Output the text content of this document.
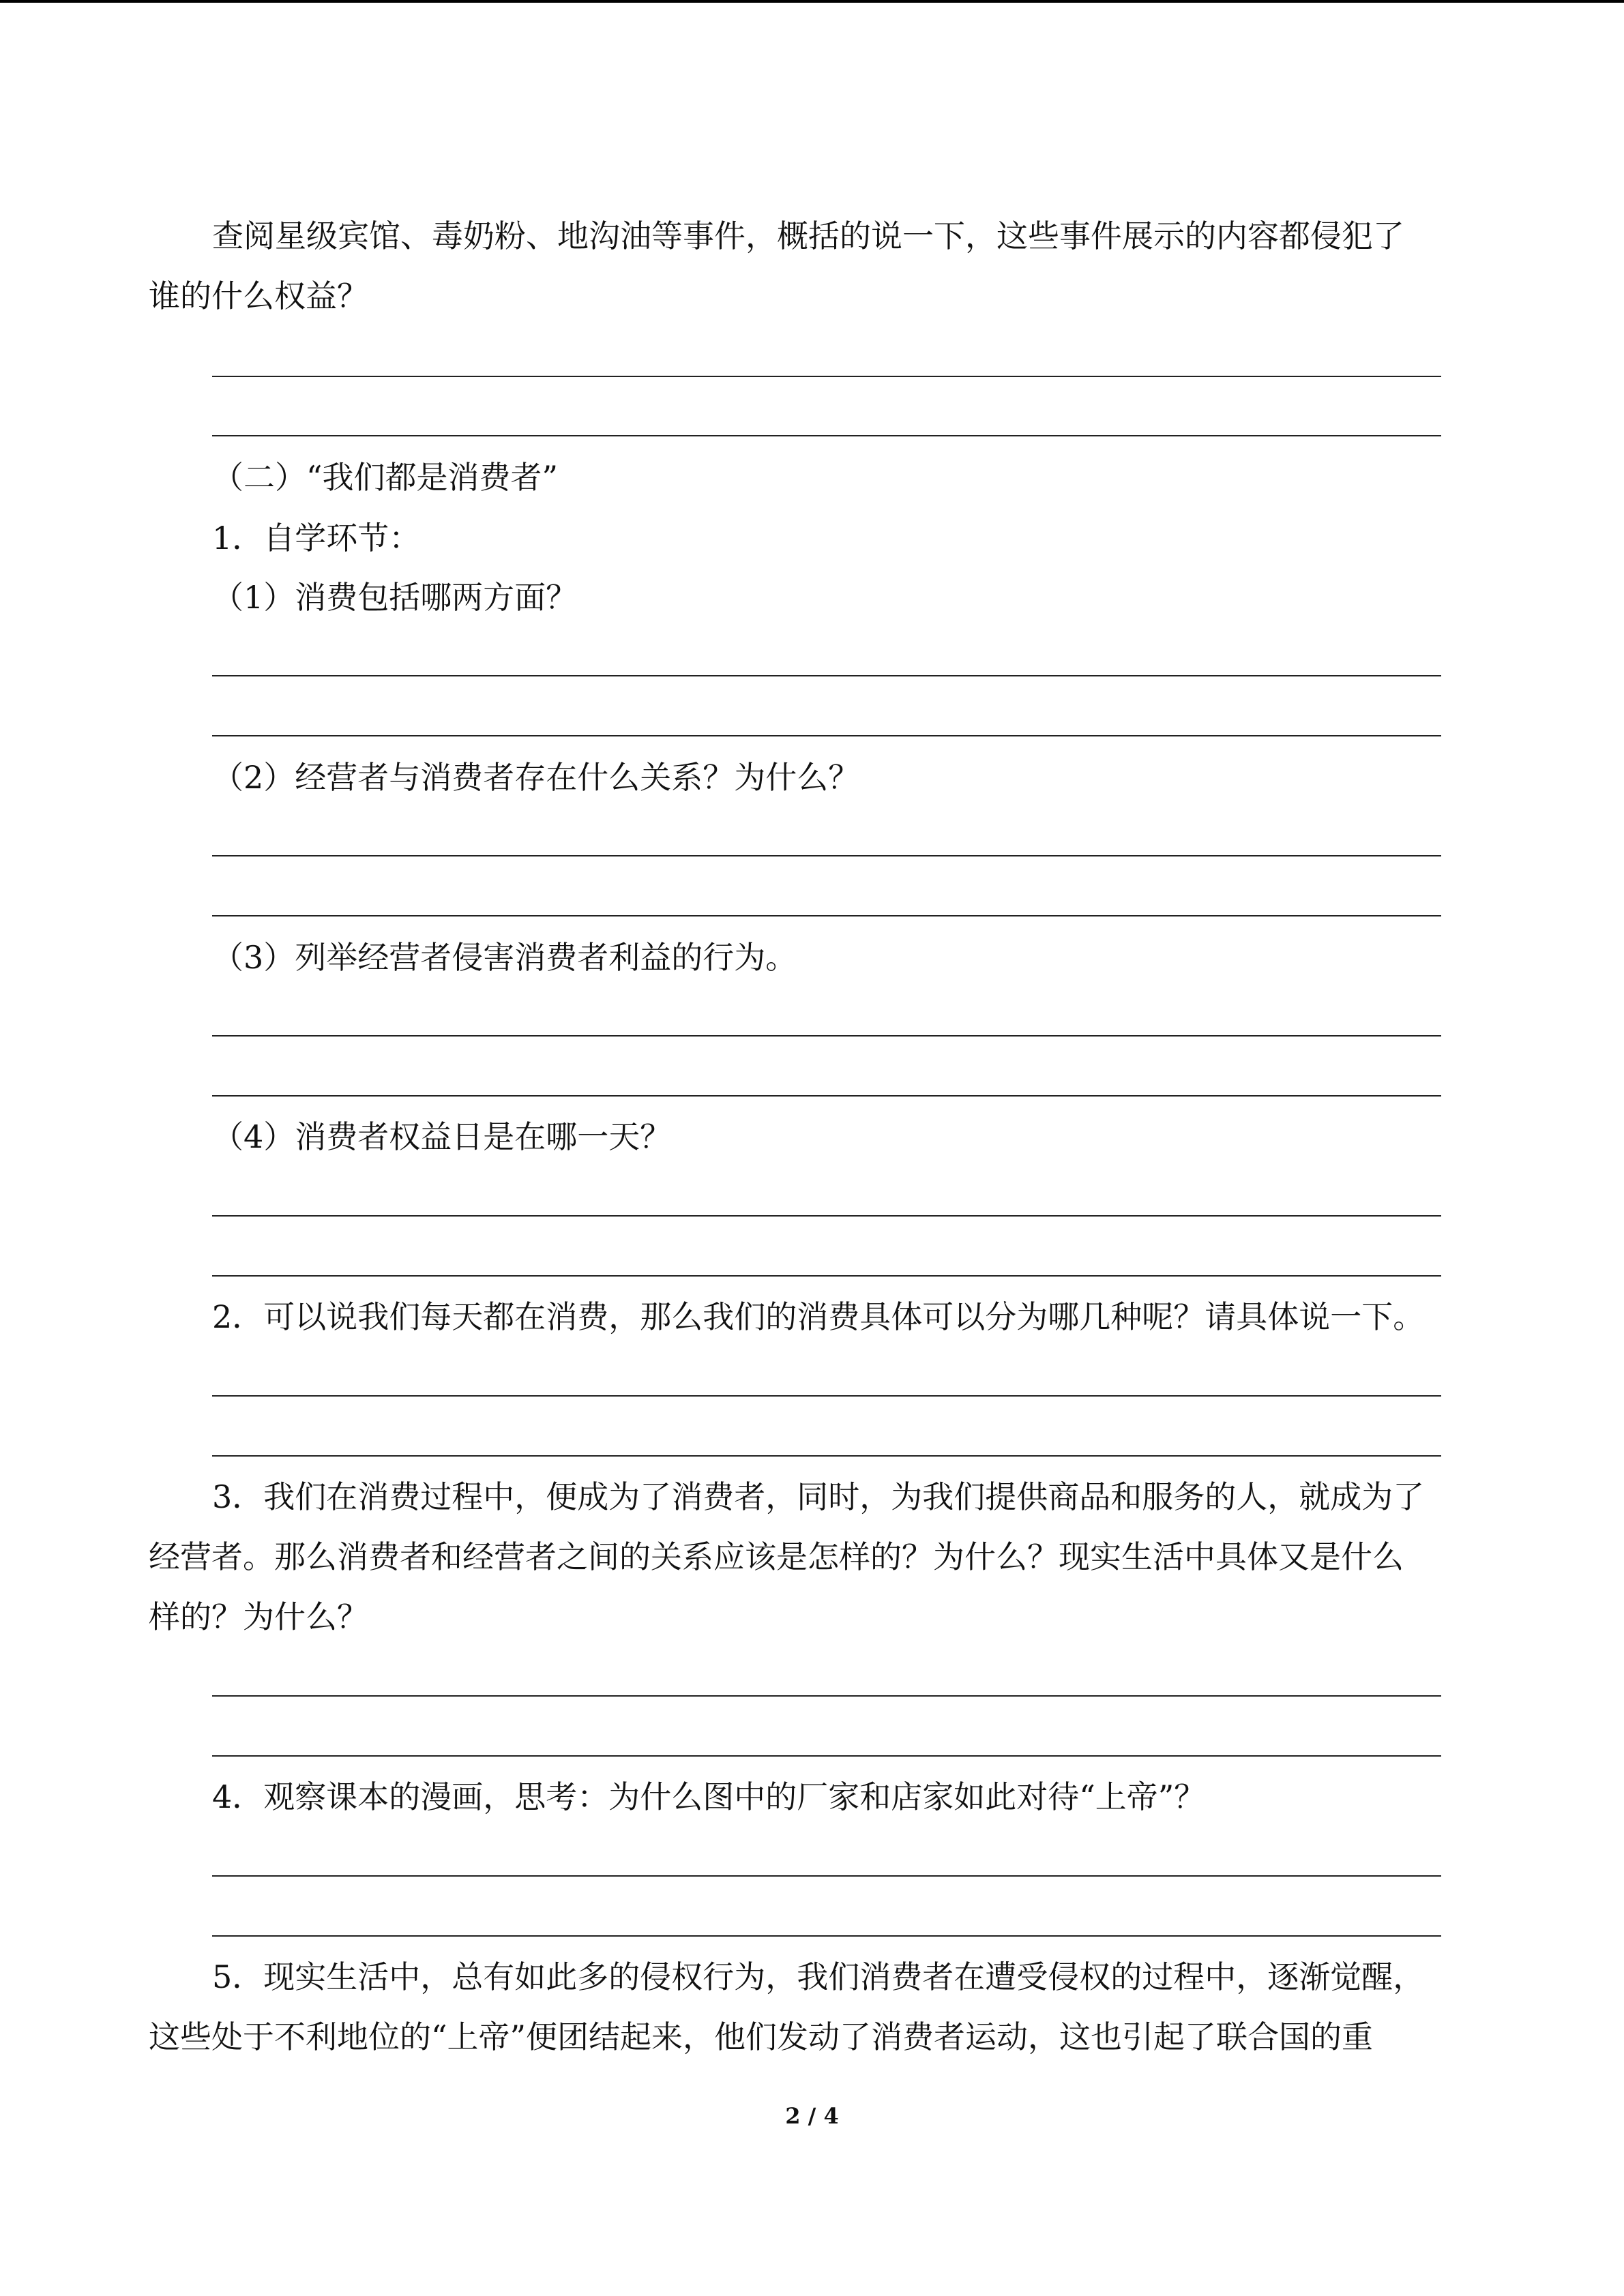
查阅星级宾馆、毒奶粉、地沟油等事件，概括的说一下，这些事件展示的内容都侵犯了

谁的什么权益？

（二）“我们都是消费者”

1．自学环节：

（1）消费包括哪两方面？

（2）经营者与消费者存在什么关系？为什么？

（3）列举经营者侵害消费者利益的行为。

（4）消费者权益日是在哪一天？

2．可以说我们每天都在消费，那么我们的消费具体可以分为哪几种呢？请具体说一下。

3．我们在消费过程中，便成为了消费者，同时，为我们提供商品和服务的人，就成为了

经营者。那么消费者和经营者之间的关系应该是怎样的？为什么？现实生活中具体又是什么

样的？为什么？

4．观察课本的漫画，思考：为什么图中的厂家和店家如此对待“上帝”？

5．现实生活中，总有如此多的侵权行为，我们消费者在遭受侵权的过程中，逐渐觉醒，

这些处于不利地位的“上帝”便团结起来，他们发动了消费者运动，这也引起了联合国的重

2 / 4
